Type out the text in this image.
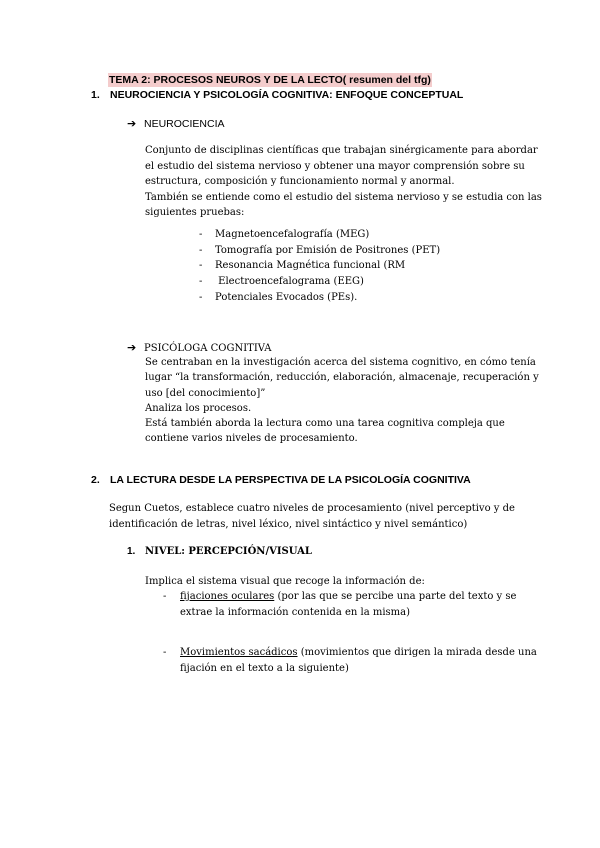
TEMA 2: PROCESOS NEUROS Y DE LA LECTO( resumen del tfg)
1. NEUROCIENCIA Y PSICOLOGÍA COGNITIVA: ENFOQUE CONCEPTUAL
➔ NEUROCIENCIA
Conjunto de disciplinas científicas que trabajan sinérgicamente para abordar
el estudio del sistema nervioso y obtener una mayor comprensión sobre su
estructura, composición y funcionamiento normal y anormal.
También se entiende como el estudio del sistema nervioso y se estudia con las
siguientes pruebas:
- Magnetoencefalografía (MEG)
- Tomografía por Emisión de Positrones (PET)
- Resonancia Magnética funcional (RM
- Electroencefalograma (EEG)
- Potenciales Evocados (PEs).
➔ PSICÓLOGA COGNITIVA
Se centraban en la investigación acerca del sistema cognitivo, en cómo tenía
lugar “la transformación, reducción, elaboración, almacenaje, recuperación y
uso [del conocimiento]”
Analiza los procesos.
Está también aborda la lectura como una tarea cognitiva compleja que
contiene varios niveles de procesamiento.
2. LA LECTURA DESDE LA PERSPECTIVA DE LA PSICOLOGÍA COGNITIVA
Segun Cuetos, establece cuatro niveles de procesamiento (nivel perceptivo y de
identificación de letras, nivel léxico, nivel sintáctico y nivel semántico)
1. NIVEL: PERCEPCIÓN/VISUAL
Implica el sistema visual que recoge la información de:
- fijaciones oculares (por las que se percibe una parte del texto y se
extrae la información contenida en la misma)
- Movimientos sacádicos (movimientos que dirigen la mirada desde una
fijación en el texto a la siguiente)
